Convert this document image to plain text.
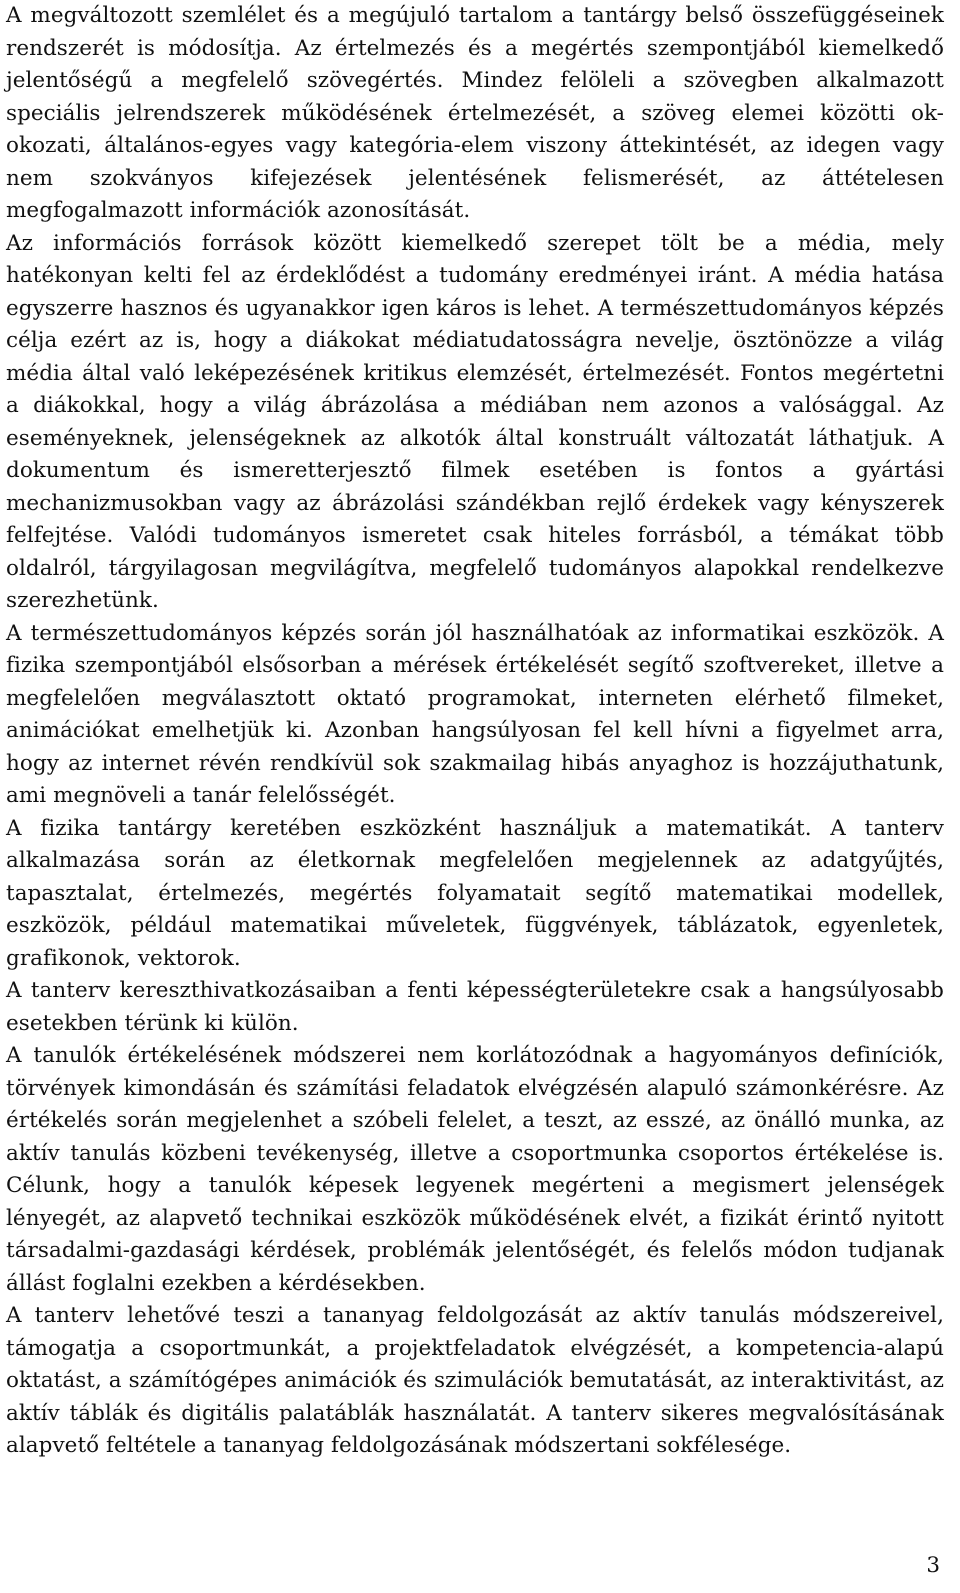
A megváltozott szemlélet és a megújuló tartalom a tantárgy belső összefüggéseinek rendszerét is módosítja. Az értelmezés és a megértés szempontjából kiemelkedő jelentőségű a megfelelő szövegértés. Mindez felöleli a szövegben alkalmazott speciális jelrendszerek működésének értelmezését, a szöveg elemei közötti ok-okozati, általános-egyes vagy kategória-elem viszony áttekintését, az idegen vagy nem szokványos kifejezések jelentésének felismerését, az áttételesen megfogalmazott információk azonosítását.

Az információs források között kiemelkedő szerepet tölt be a média, mely hatékonyan kelti fel az érdeklődést a tudomány eredményei iránt. A média hatása egyszerre hasznos és ugyanakkor igen káros is lehet. A természettudományos képzés célja ezért az is, hogy a diákokat médiatudatosságra nevelje, ösztönözze a világ média által való leképezésének kritikus elemzését, értelmezését. Fontos megértetni a diákokkal, hogy a világ ábrázolása a médiában nem azonos a valósággal. Az eseményeknek, jelenségeknek az alkotók által konstruált változatát láthatjuk. A dokumentum és ismeretterjesztő filmek esetében is fontos a gyártási mechanizmusokban vagy az ábrázolási szándékban rejlő érdekek vagy kényszerek felfejtése. Valódi tudományos ismeretet csak hiteles forrásból, a témákat több oldalról, tárgyilagosan megvilágítva, megfelelő tudományos alapokkal rendelkezve szerezhetünk.

A természettudományos képzés során jól használhatóak az informatikai eszközök. A fizika szempontjából elsősorban a mérések értékelését segítő szoftvereket, illetve a megfelelően megválasztott oktató programokat, interneten elérhető filmeket, animációkat emelhetjük ki. Azonban hangsúlyosan fel kell hívni a figyelmet arra, hogy az internet révén rendkívül sok szakmailag hibás anyaghoz is hozzájuthatunk, ami megnöveli a tanár felelősségét.

A fizika tantárgy keretében eszközként használjuk a matematikát. A tanterv alkalmazása során az életkornak megfelelően megjelennek az adatgyűjtés, tapasztalat, értelmezés, megértés folyamatait segítő matematikai modellek, eszközök, például matematikai műveletek, függvények, táblázatok, egyenletek, grafikonok, vektorok.

A tanterv kereszthivatkozásaiban a fenti képességterületekre csak a hangsúlyosabb esetekben térünk ki külön.

A tanulók értékelésének módszerei nem korlátozódnak a hagyományos definíciók, törvények kimondásán és számítási feladatok elvégzésén alapuló számonkérésre. Az értékelés során megjelenhet a szóbeli felelet, a teszt, az esszé, az önálló munka, az aktív tanulás közbeni tevékenység, illetve a csoportmunka csoportos értékelése is. Célunk, hogy a tanulók képesek legyenek megérteni a megismert jelenségek lényegét, az alapvető technikai eszközök működésének elvét, a fizikát érintő nyitott társadalmi-gazdasági kérdések, problémák jelentőségét, és felelős módon tudjanak állást foglalni ezekben a kérdésekben.

A tanterv lehetővé teszi a tananyag feldolgozását az aktív tanulás módszereivel, támogatja a csoportmunkát, a projektfeladatok elvégzését, a kompetencia-alapú oktatást, a számítógépes animációk és szimulációk bemutatását, az interaktivitást, az aktív táblák és digitális palatáblák használatát. A tanterv sikeres megvalósításának alapvető feltétele a tananyag feldolgozásának módszertani sokfélesége.

3
